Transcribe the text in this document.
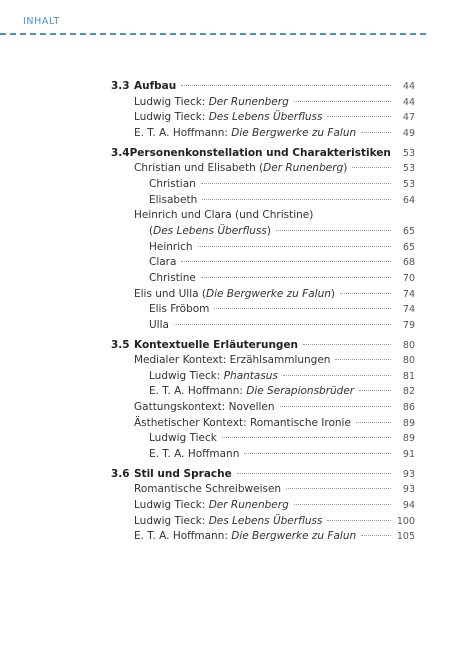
INHALT
3.3 Aufbau	44
Ludwig Tieck: Der Runenberg	44
Ludwig Tieck: Des Lebens Überfluss	47
E. T. A. Hoffmann: Die Bergwerke zu Falun	49
3.4 Personenkonstellation und Charakteristiken	53
Christian und Elisabeth (Der Runenberg)	53
Christian	53
Elisabeth	64
Heinrich und Clara (und Christine)
(Des Lebens Überfluss)	65
Heinrich	65
Clara	68
Christine	70
Elis und Ulla (Die Bergwerke zu Falun)	74
Elis Fröbom	74
Ulla	79
3.5 Kontextuelle Erläuterungen	80
Medialer Kontext: Erzählsammlungen	80
Ludwig Tieck: Phantasus	81
E. T. A. Hoffmann: Die Serapionsbrüder	82
Gattungskontext: Novellen	86
Ästhetischer Kontext: Romantische Ironie	89
Ludwig Tieck	89
E. T. A. Hoffmann	91
3.6 Stil und Sprache	93
Romantische Schreibweisen	93
Ludwig Tieck: Der Runenberg	94
Ludwig Tieck: Des Lebens Überfluss	100
E. T. A. Hoffmann: Die Bergwerke zu Falun	105
